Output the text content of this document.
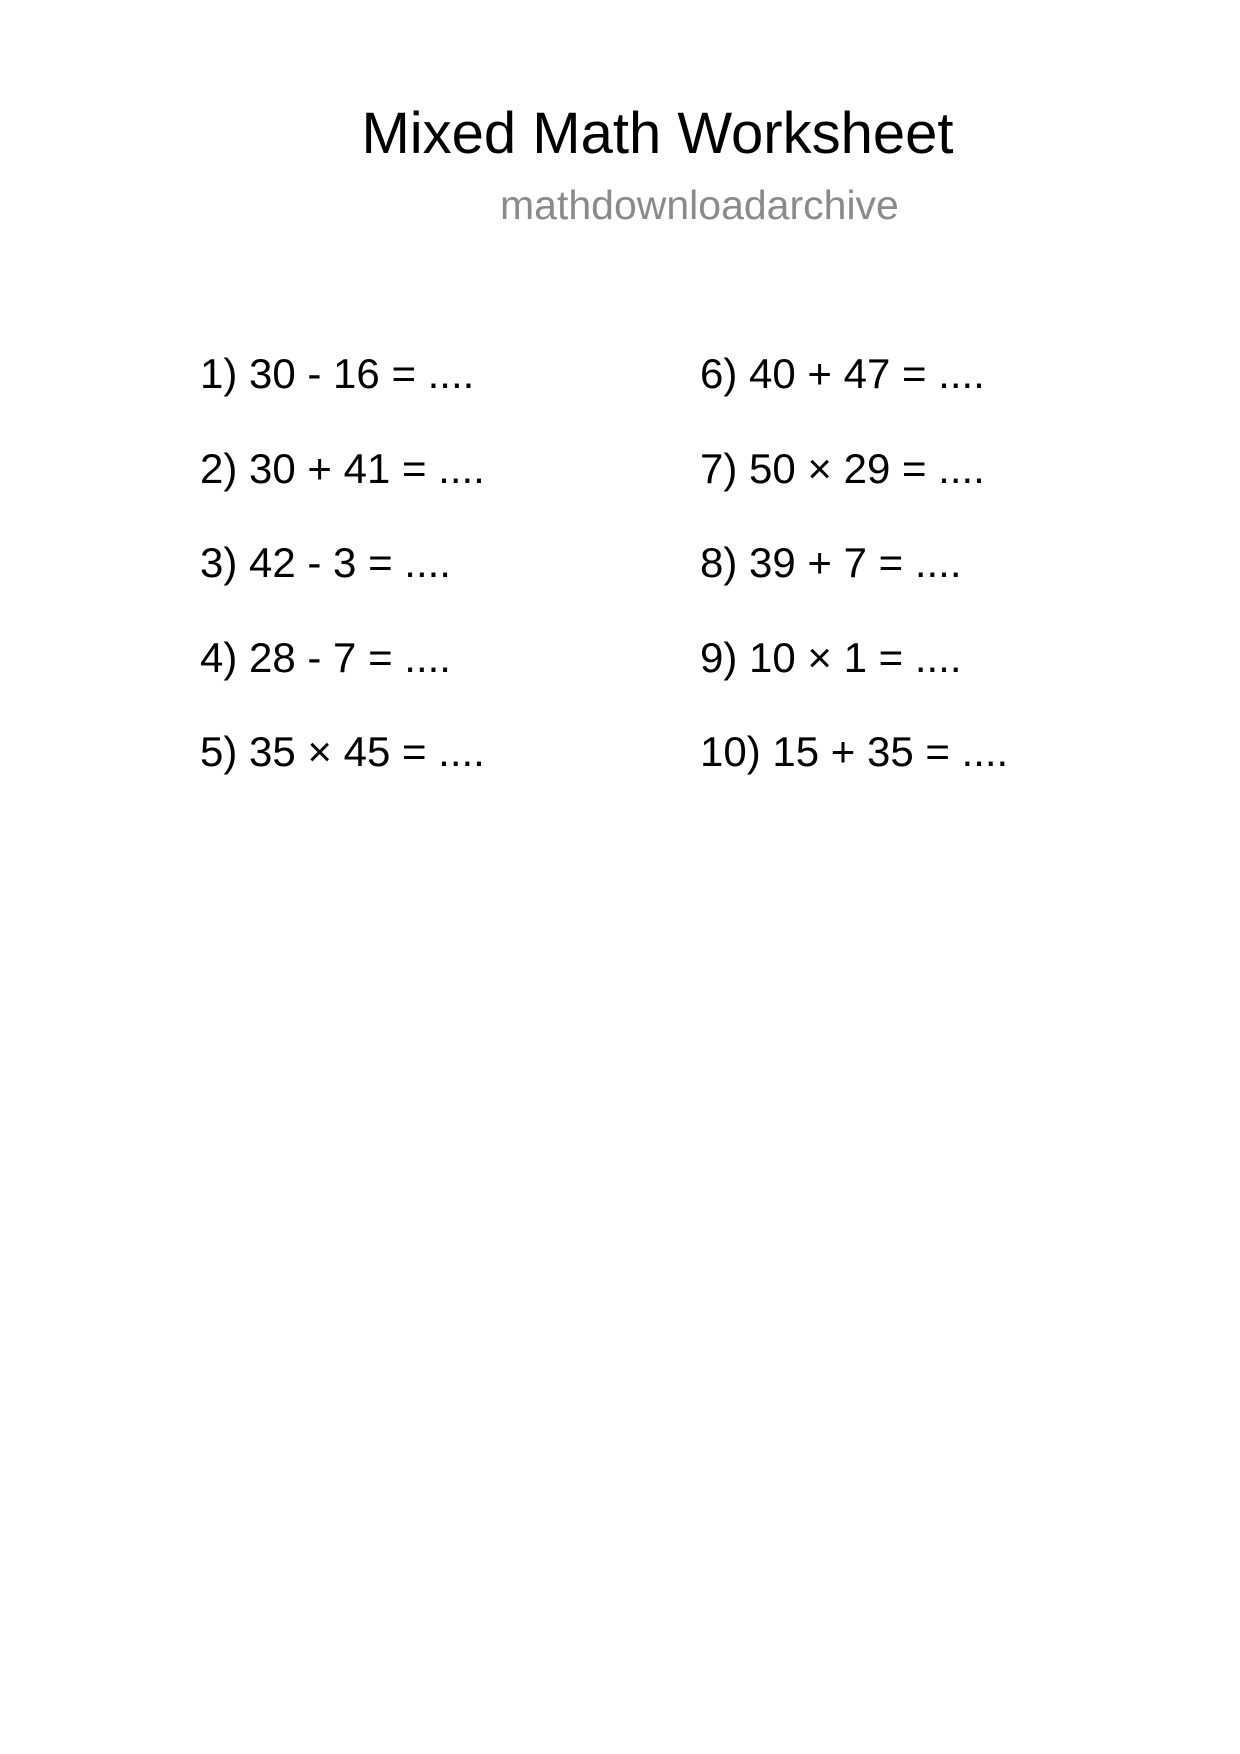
Mixed Math Worksheet
mathdownloadarchive
1) 30 - 16 = ....
2) 30 + 41 = ....
3) 42 - 3 = ....
4) 28 - 7 = ....
5) 35 × 45 = ....
6) 40 + 47 = ....
7) 50 × 29 = ....
8) 39 + 7 = ....
9) 10 × 1 = ....
10) 15 + 35 = ....
